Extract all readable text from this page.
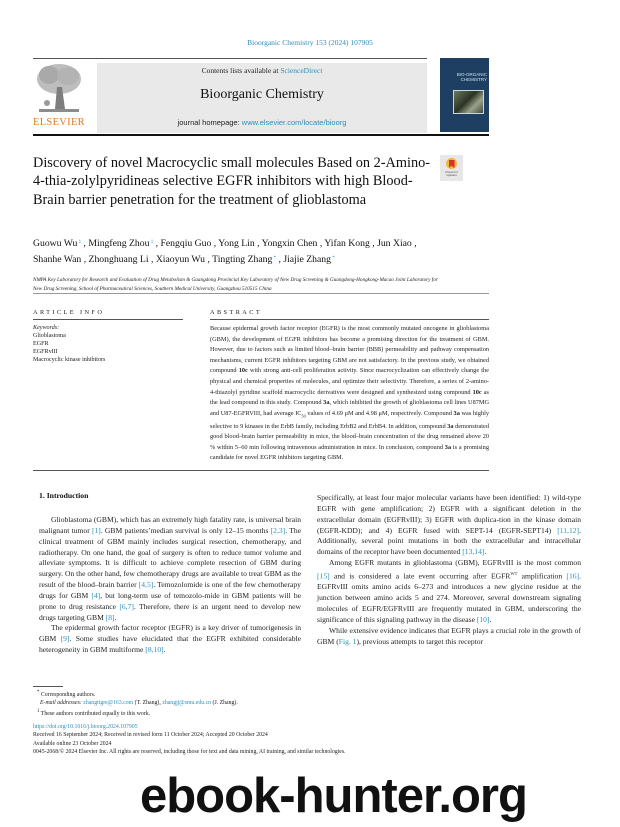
Bioorganic Chemistry 153 (2024) 107905
ELSEVIER
Contents lists available at ScienceDirect
Bioorganic Chemistry
journal homepage: www.elsevier.com/locate/bioorg
BIO-ORGANIC
CHEMISTRY
Check for
updates
Discovery of novel Macrocyclic small molecules Based on 2-Amino-4-thia-zolylpyridineas selective EGFR inhibitors with high Blood-Brain barrier penetration for the treatment of glioblastoma
Guowu Wu $^1$ , Mingfeng Zhou $^1$ , Fengqiu Guo , Yong Lin , Yongxin Chen , Yifan Kong , Jun Xiao ,
Shanhe Wan , Zhonghuang Li , Xiaoyun Wu , Tingting Zhang * , Jiajie Zhang *
NMPA Key Laboratory for Research and Evaluation of Drug Metabolism & Guangdong Provincial Key Laboratory of New Drug Screening & Guangdong-Hongkong-Macao Joint Laboratory for New Drug Screening, School of Pharmaceutical Sciences, Southern Medical University, Guangzhou 510515 China
ARTICLE INFO	ABSTRACT
Keywords:
Glioblastoma
EGFR
EGFRvIII
Macrocyclic kinase inhibitors
Because epidermal growth factor receptor (EGFR) is the most commonly mutated oncogene in glioblastoma (GBM), the development of EGFR inhibitors has become a promising direction for the treatment of GBM. However, due to factors such as limited blood–brain barrier (BBB) permeability and pathway compensation mechanisms, current EGFR inhibitors targeting GBM are not satisfactory. In the previous study, we obtained compound 10c with strong anti-cell proliferation activity. Since macrocyclization can effectively change the physical and chemical properties of molecules, and optimize their selectivity. Therefore, a series of 2-amino-4-thiazolyl pyridine scaffold macrocyclic derivatives were designed and synthesized using compound 10c as the lead compound in this study. Compound 3a, which inhibited the growth of glioblastoma cell lines U87MG and U87-EGFRVIII, had average $IC_{50}$ values of 4.69 μM and 4.98 μM, respectively. Compound 3a was highly selective to 9 kinases in the ErbB family, including ErbB2 and ErbB4. In addition, compound 3a demonstrated good blood–brain barrier permeability in mice, the blood–brain concentration of the drug remained above 20 % within 5–60 min following intravenous administration in mice. In conclusion, compound 3a is a promising candidate for novel EGFR inhibitors targeting GBM.
1. Introduction

Glioblastoma (GBM), which has an extremely high fatality rate, is universal brain malignant tumor [1]. GBM patients’median survival is only 12–15 months [2,3]. The clinical treatment of GBM mainly includes surgical resection, chemotherapy, and radiotherapy. On one hand, the goal of surgery is often to reduce tumor volume and alleviate symptoms. It is difficult to achieve complete resection of GBM during surgery. On the other hand, few chemotherapy drugs are available to treat GBM as the result of the blood–brain barrier [4,5]. Temozolomide is one of the few chemotherapy drugs for GBM [4], but long-term use of temozolo-mide in GBM patients will be prone to drug resistance [6,7]. Therefore, there is an urgent need to develop new drugs targeting GBM [8].

The epidermal growth factor receptor (EGFR) is a key driver of tumorigenesis in GBM [9]. Some studies have elucidated that the EGFR exhibited considerable heterogeneity in GBM multiforme [8,10].

Specifically, at least four major molecular variants have been identified: 1) wild-type EGFR with gene amplification; 2) EGFR with a significant deletion in the extracellular domain (EGFRvIII); 3) EGFR with duplica-tion in the kinase domain (EGFR-KDD); and 4) EGFR fused with SEPT-14 (EGFR-SEPT14) [11,12]. Additionally, several point mutations in both the extracellular and intracellular domains of the receptor have been documented [13,14].

Among EGFR mutants in glioblastoma (GBM), EGFRvIII is the most common [15] and is considered a late event occurring after $EGFR^{WT}$ amplification [16]. EGFRvIII omits amino acids 6–273 and introduces a new glycine residue at the junction between amino acids 5 and 274. Moreover, several downstream signaling molecules of EGFR/EGFRvIII are frequently mutated in GBM, underscoring the significance of this signaling pathway in the disease [10].

While extensive evidence indicates that EGFR plays a crucial role in the growth of GBM (Fig. 1), previous attempts to target this receptor

* Corresponding authors.
E-mail addresses: zhangttgre@163.com (T. Zhang), zhangjj@smu.edu.cn (J. Zhang).
$^1$ These authors contributed equally to this work.
https://doi.org/10.1016/j.bioorg.2024.107905
Received 16 September 2024; Received in revised form 11 October 2024; Accepted 20 October 2024
Available online 23 October 2024
0045-2068/© 2024 Elsevier Inc. All rights are reserved, including those for text and data mining, AI training, and similar technologies.
ebook-hunter.org
